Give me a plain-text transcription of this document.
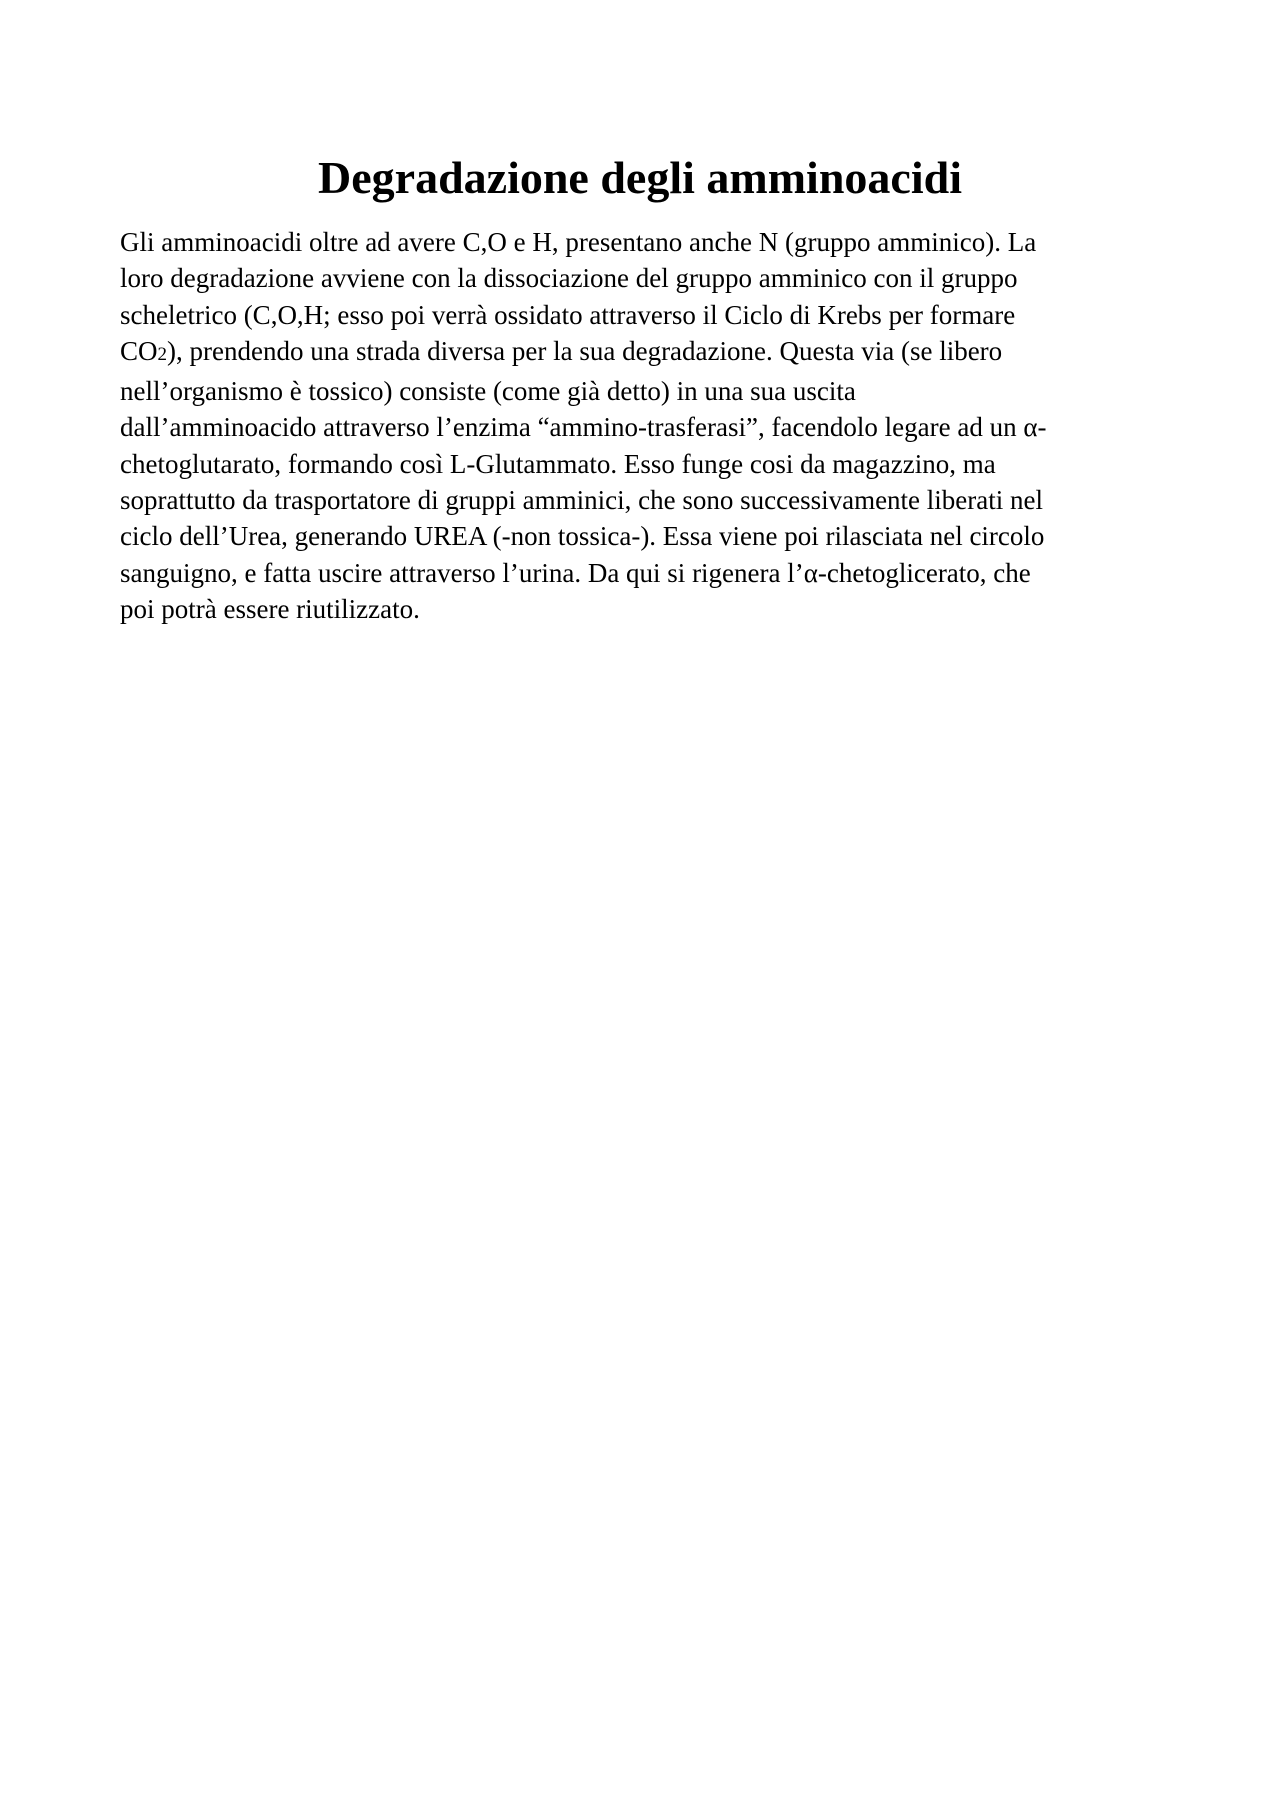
Degradazione degli amminoacidi
Gli amminoacidi oltre ad avere C,O e H, presentano anche N (gruppo amminico). La
loro degradazione avviene con la dissociazione del gruppo amminico con il gruppo
scheletrico (C,O,H; esso poi verrà ossidato attraverso il Ciclo di Krebs per formare
CO2), prendendo una strada diversa per la sua degradazione. Questa via (se libero
nell’organismo è tossico) consiste (come già detto) in una sua uscita
dall’amminoacido attraverso l’enzima “ammino-trasferasi”, facendolo legare ad un α-
chetoglutarato, formando così L-Glutammato. Esso funge cosi da magazzino, ma
soprattutto da trasportatore di gruppi amminici, che sono successivamente liberati nel
ciclo dell’Urea, generando UREA (-non tossica-). Essa viene poi rilasciata nel circolo
sanguigno, e fatta uscire attraverso l’urina. Da qui si rigenera l’α-chetoglicerato, che
poi potrà essere riutilizzato.
